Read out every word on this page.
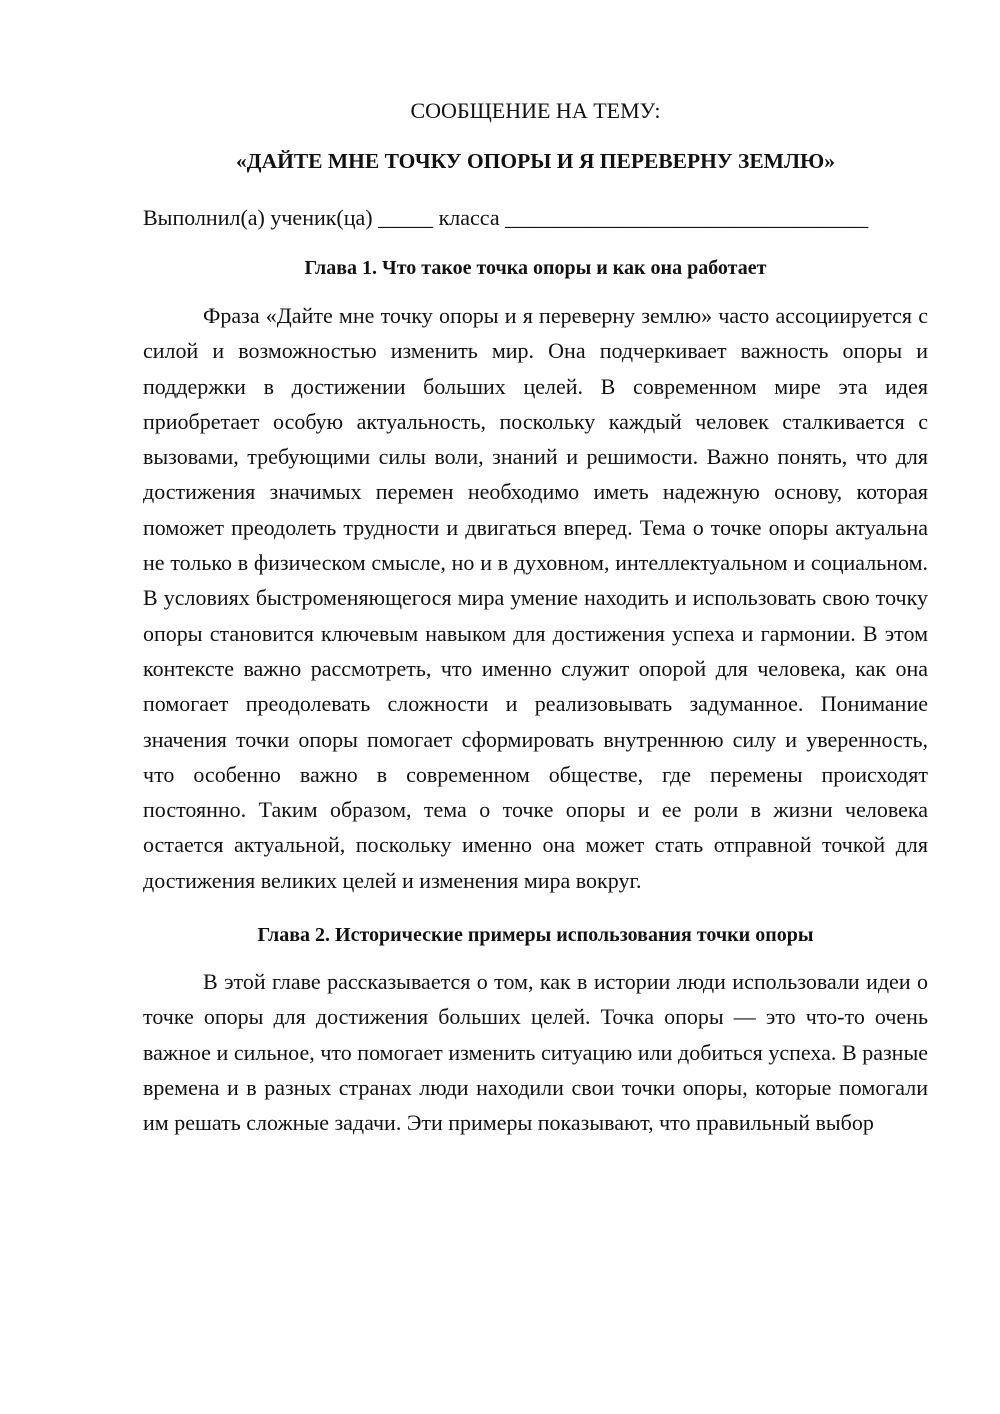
СООБЩЕНИЕ НА ТЕМУ:

«ДАЙТЕ МНЕ ТОЧКУ ОПОРЫ И Я ПЕРЕВЕРНУ ЗЕМЛЮ»

Выполнил(а) ученик(ца) _____ класса _________________________________
Глава 1. Что такое точка опоры и как она работает

Фраза «Дайте мне точку опоры и я переверну землю» часто ассоциируется с силой и возможностью изменить мир. Она подчеркивает важность опоры и поддержки в достижении больших целей. В современном мире эта идея приобретает особую актуальность, поскольку каждый человек сталкивается с вызовами, требующими силы воли, знаний и решимости. Важно понять, что для достижения значимых перемен необходимо иметь надежную основу, которая поможет преодолеть трудности и двигаться вперед. Тема о точке опоры актуальна не только в физическом смысле, но и в духовном, интеллектуальном и социальном. В условиях быстроменяющегося мира умение находить и использовать свою точку опоры становится ключевым навыком для достижения успеха и гармонии. В этом контексте важно рассмотреть, что именно служит опорой для человека, как она помогает преодолевать сложности и реализовывать задуманное. Понимание значения точки опоры помогает сформировать внутреннюю силу и уверенность, что особенно важно в современном обществе, где перемены происходят постоянно. Таким образом, тема о точке опоры и ее роли в жизни человека остается актуальной, поскольку именно она может стать отправной точкой для достижения великих целей и изменения мира вокруг.

Глава 2. Исторические примеры использования точки опоры

В этой главе рассказывается о том, как в истории люди использовали идеи о точке опоры для достижения больших целей. Точка опоры — это что-то очень важное и сильное, что помогает изменить ситуацию или добиться успеха. В разные времена и в разных странах люди находили свои точки опоры, которые помогали им решать сложные задачи. Эти примеры показывают, что правильный выбор
